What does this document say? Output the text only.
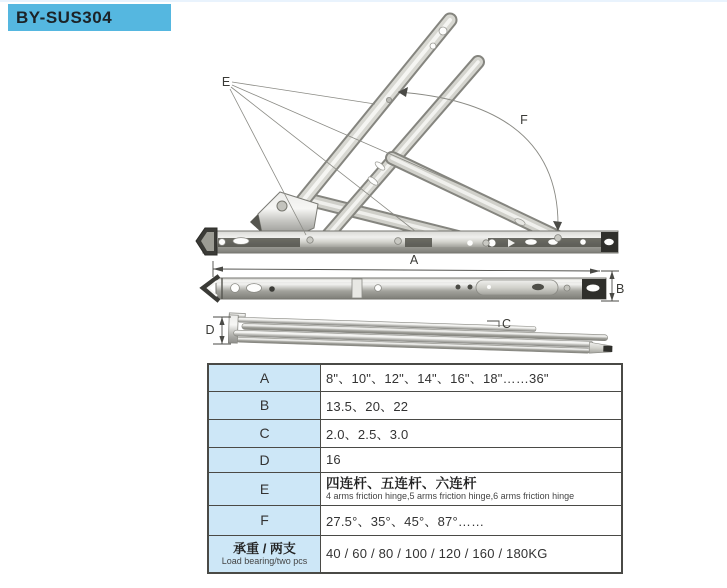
BY-SUS304
E
F
A
B
D	C
A	8"、10"、12"、14"、16"、18"……36"
B	13.5、20、22
C	2.0、2.5、3.0
D	16
E	四连杆、五连杆、六连杆
4 arms friction hinge,5 arms friction hinge,6 arms friction hinge

F	27.5°、35°、45°、87°……

承重 / 两支
Load bearing/two pcs	40 / 60 / 80 / 100 / 120 / 160 / 180KG
